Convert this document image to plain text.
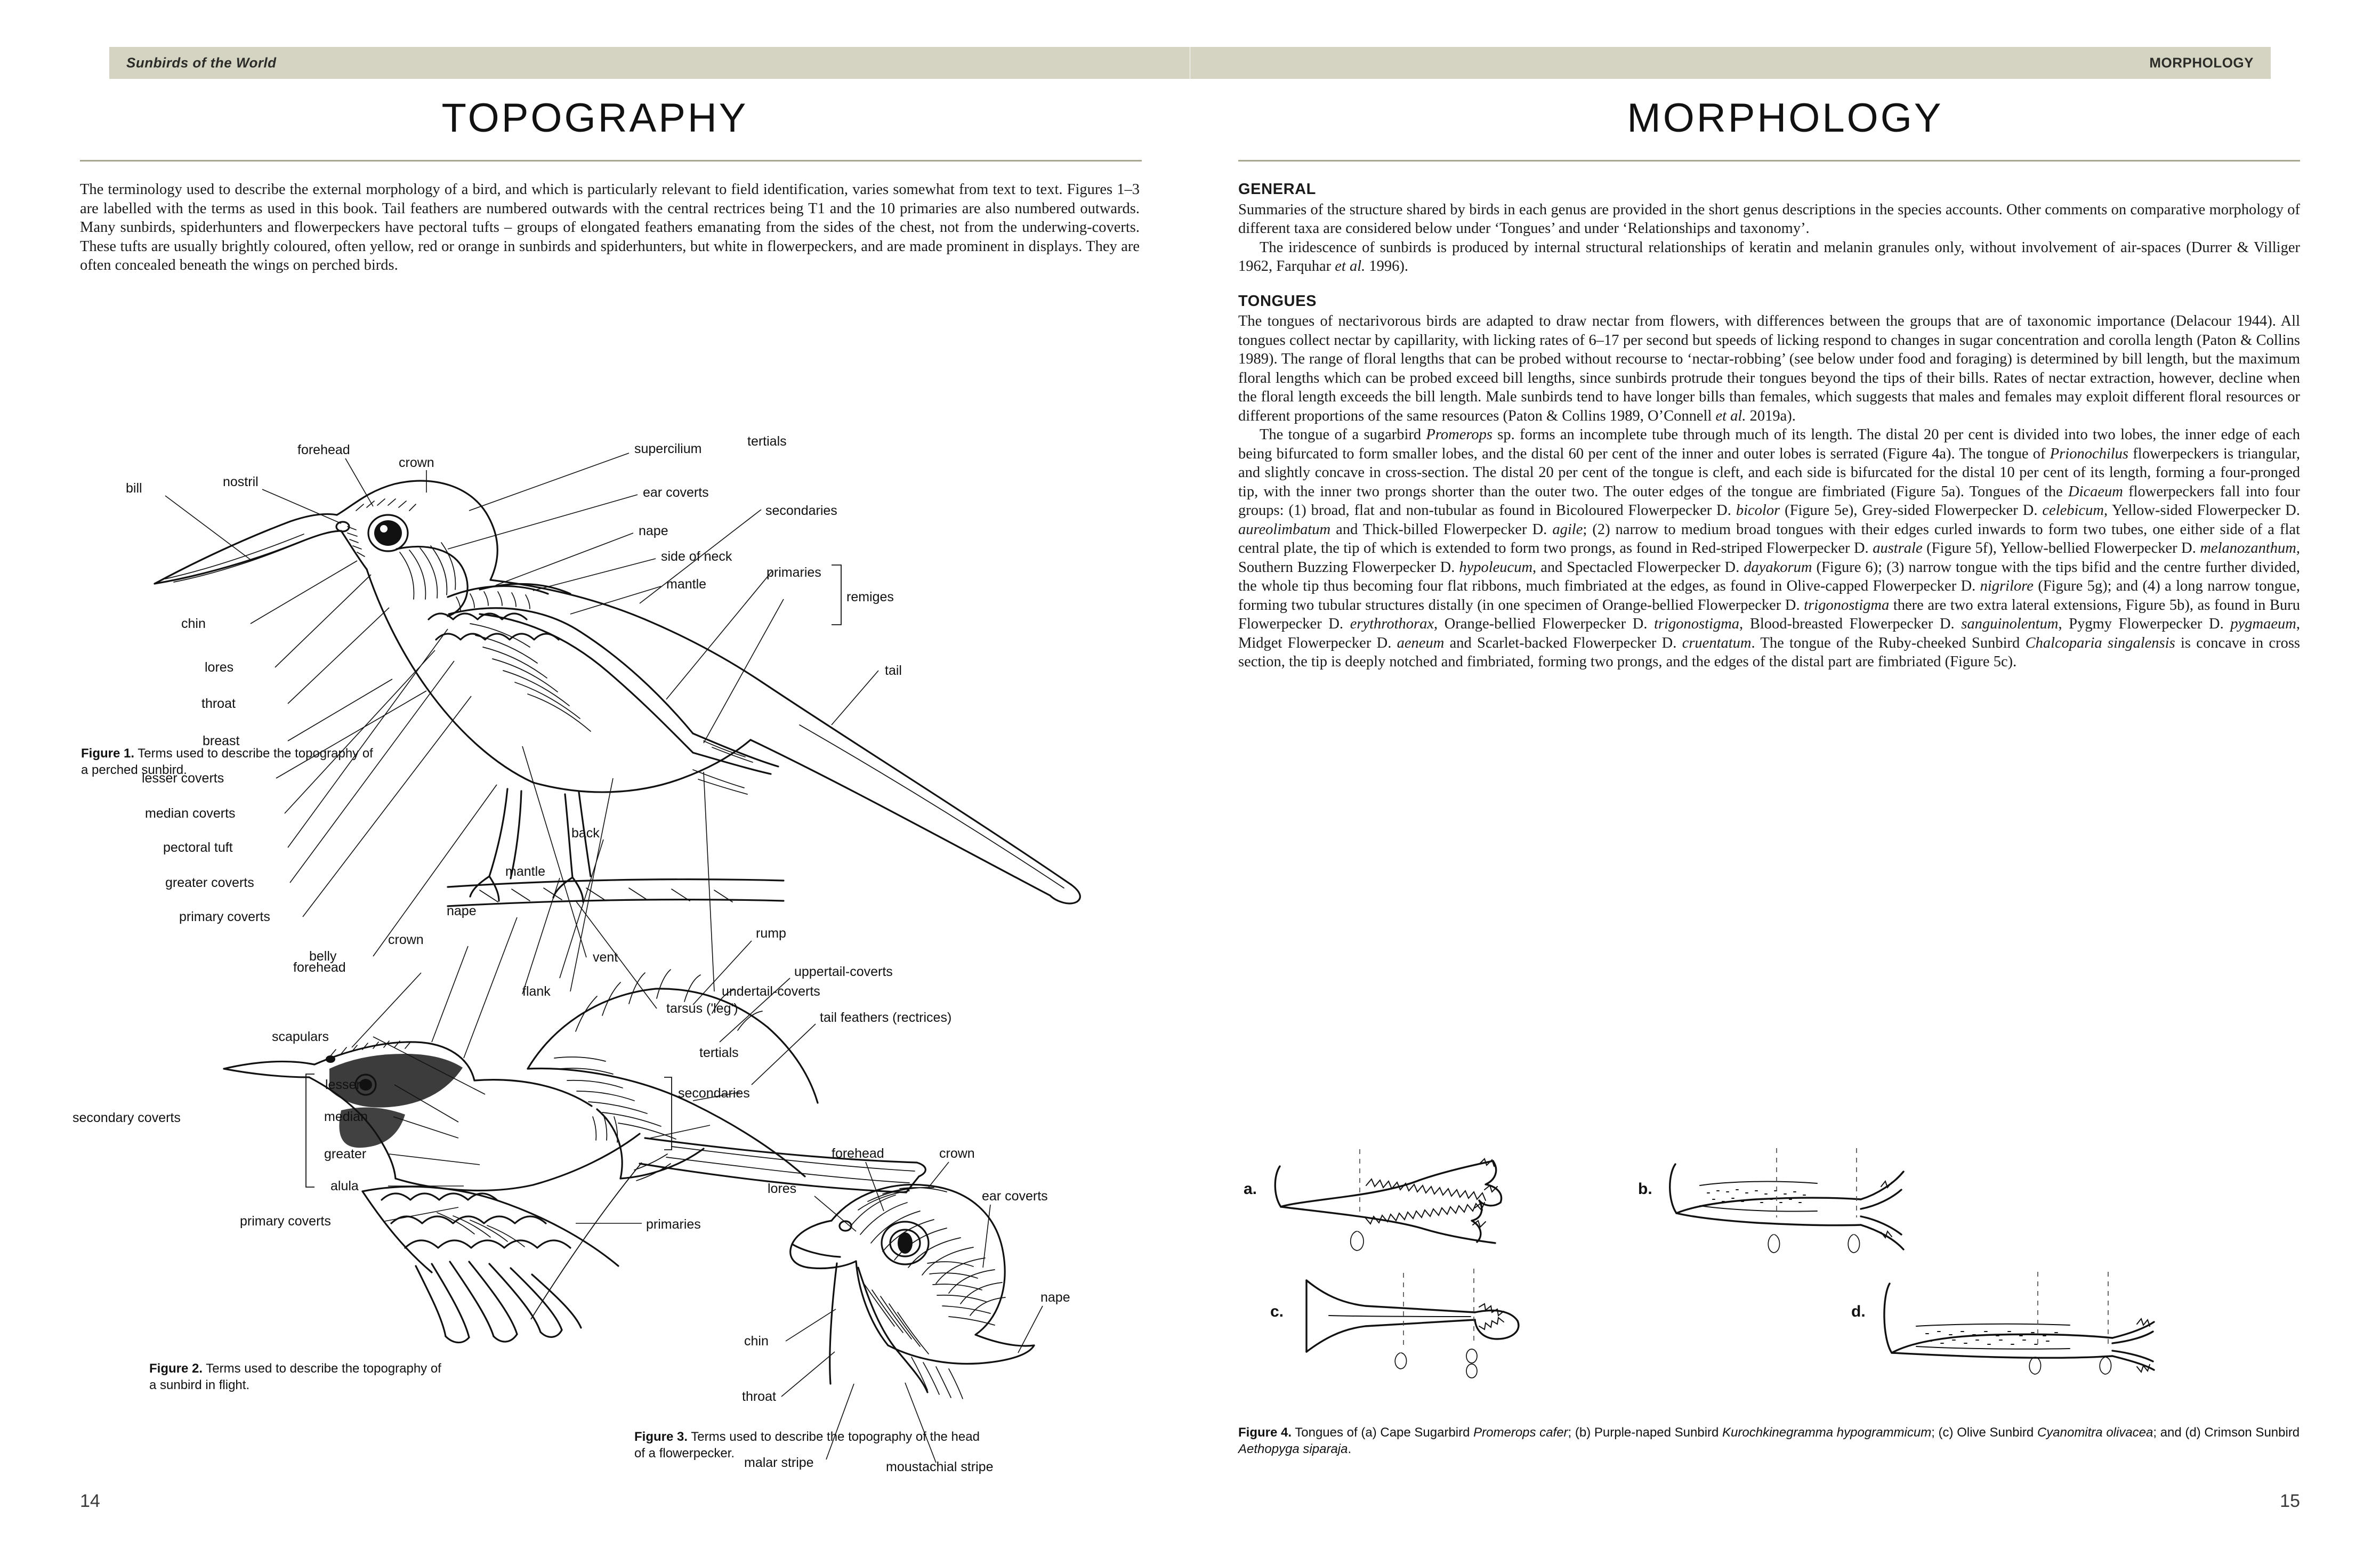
Sunbirds of the World
TOPOGRAPHY

The terminology used to describe the external morphology of a bird, and which is particularly relevant to field identification, varies somewhat from text to text. Figures 1–3 are labelled with the terms as used in this book. Tail feathers are numbered outwards with the central rectrices being T1 and the 10 primaries are also numbered outwards. Many sunbirds, spiderhunters and flowerpeckers have pectoral tufts – groups of elongated feathers emanating from the sides of the chest, not from the underwing-coverts. These tufts are usually brightly coloured, often yellow, red or orange in sunbirds and spiderhunters, but white in flowerpeckers, and are made prominent in displays. They are often concealed beneath the wings on perched birds.

bill	nostril
forehead
crown
supercilium
ear coverts
nape
side of neck
mantle
chin
lores
throat
breast
lesser coverts
median coverts
pectoral tuft
greater coverts
primary coverts
belly	vent
flank
tarsus ('leg')
undertail-coverts
tail
primaries
secondaries
remiges
tertials
Figure 1. Terms used to describe the topography of a perched sunbird.
back
mantle
nape
crown
forehead
scapulars
secondary coverts
lesser
median
greater
alula
primary coverts	primaries
secondaries
tertials
rump
uppertail-coverts
tail feathers (rectrices)
Figure 2. Terms used to describe the topography of a sunbird in flight.
forehead	crown
lores	ear coverts
nape
chin
throat
malar stripe	moustachial stripe
Figure 3. Terms used to describe the topography of the head of a flowerpecker.
14
MORPHOLOGY
MORPHOLOGY
GENERAL

Summaries of the structure shared by birds in each genus are provided in the short genus descriptions in the species accounts. Other comments on comparative morphology of different taxa are considered below under ‘Tongues’ and under ‘Relationships and taxonomy’.

The iridescence of sunbirds is produced by internal structural relationships of keratin and melanin granules only, without involvement of air-spaces (Durrer & Villiger 1962, Farquhar et al. 1996).

TONGUES

The tongues of nectarivorous birds are adapted to draw nectar from flowers, with differences between the groups that are of taxonomic importance (Delacour 1944). All tongues collect nectar by capillarity, with licking rates of 6–17 per second but speeds of licking respond to changes in sugar concentration and corolla length (Paton & Collins 1989). The range of floral lengths that can be probed without recourse to ‘nectar-robbing’ (see below under food and foraging) is determined by bill length, but the maximum floral lengths which can be probed exceed bill lengths, since sunbirds protrude their tongues beyond the tips of their bills. Rates of nectar extraction, however, decline when the floral length exceeds the bill length. Male sunbirds tend to have longer bills than females, which suggests that males and females may exploit different floral resources or different proportions of the same resources (Paton & Collins 1989, O’Connell et al. 2019a).

The tongue of a sugarbird Promerops sp. forms an incomplete tube through much of its length. The distal 20 per cent is divided into two lobes, the inner edge of each being bifurcated to form smaller lobes, and the distal 60 per cent of the inner and outer lobes is serrated (Figure 4a). The tongue of Prionochilus flowerpeckers is triangular, and slightly concave in cross-section. The distal 20 per cent of the tongue is cleft, and each side is bifurcated for the distal 10 per cent of its length, forming a four-pronged tip, with the inner two prongs shorter than the outer two. The outer edges of the tongue are fimbriated (Figure 5a). Tongues of the Dicaeum flowerpeckers fall into four groups: (1) broad, flat and non-tubular as found in Bicoloured Flowerpecker D. bicolor (Figure 5e), Grey-sided Flowerpecker D. celebicum, Yellow-sided Flowerpecker D. aureolimbatum and Thick-billed Flowerpecker D. agile; (2) narrow to medium broad tongues with their edges curled inwards to form two tubes, one either side of a flat central plate, the tip of which is extended to form two prongs, as found in Red-striped Flowerpecker D. australe (Figure 5f), Yellow-bellied Flowerpecker D. melanozanthum, Southern Buzzing Flowerpecker D. hypoleucum, and Spectacled Flowerpecker D. dayakorum (Figure 6); (3) narrow tongue with the tips bifid and the centre further divided, the whole tip thus becoming four flat ribbons, much fimbriated at the edges, as found in Olive-capped Flowerpecker D. nigrilore (Figure 5g); and (4) a long narrow tongue, forming two tubular structures distally (in one specimen of Orange-bellied Flowerpecker D. trigonostigma there are two extra lateral extensions, Figure 5b), as found in Buru Flowerpecker D. erythrothorax, Orange-bellied Flowerpecker D. trigonostigma, Blood-breasted Flowerpecker D. sanguinolentum, Pygmy Flowerpecker D. pygmaeum, Midget Flowerpecker D. aeneum and Scarlet-backed Flowerpecker D. cruentatum. The tongue of the Ruby-cheeked Sunbird Chalcoparia singalensis is concave in cross section, the tip is deeply notched and fimbriated, forming two prongs, and the edges of the distal part are fimbriated (Figure 5c).

a.	b.
c.	d.
Figure 4. Tongues of (a) Cape Sugarbird Promerops cafer; (b) Purple-naped Sunbird Kurochkinegramma hypogrammicum; (c) Olive Sunbird Cyanomitra olivacea; and (d) Crimson Sunbird Aethopyga siparaja.
15
